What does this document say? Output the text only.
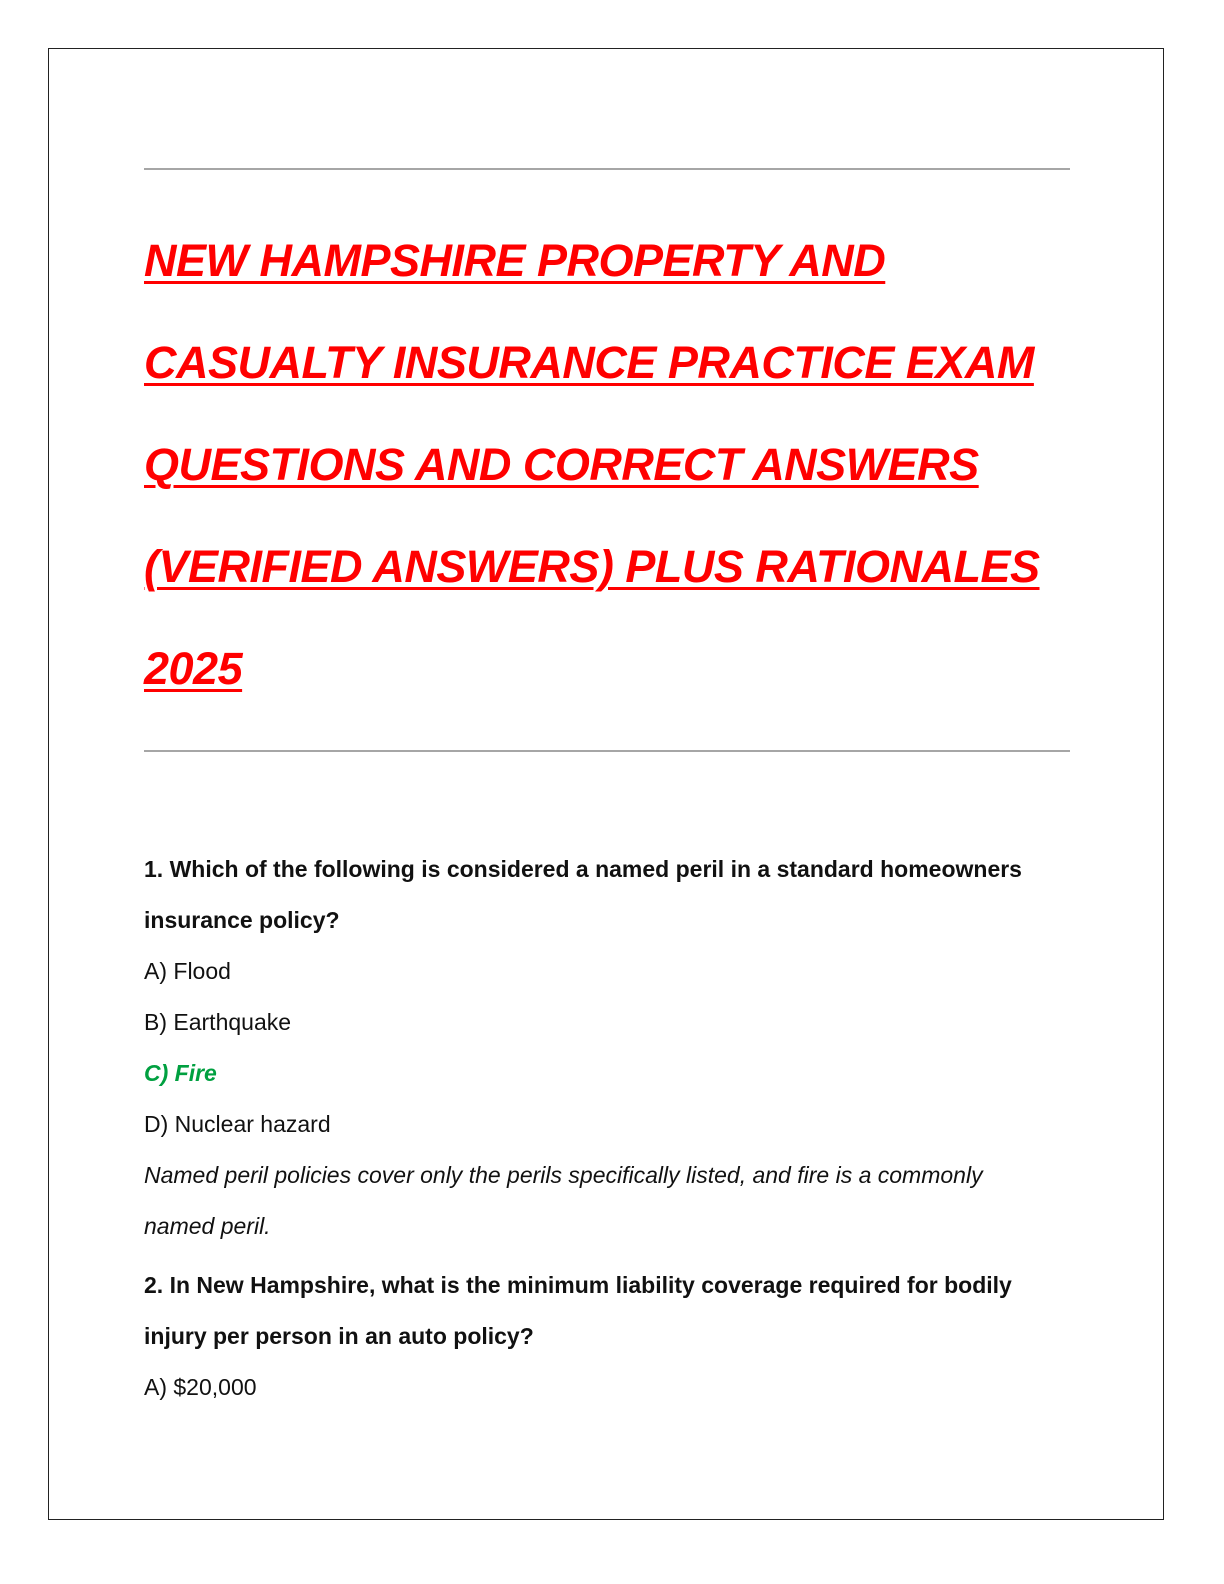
NEW HAMPSHIRE PROPERTY AND
CASUALTY INSURANCE PRACTICE EXAM
QUESTIONS AND CORRECT ANSWERS
(VERIFIED ANSWERS) PLUS RATIONALES
2025

1. Which of the following is considered a named peril in a standard homeowners

insurance policy?

A) Flood

B) Earthquake

C) Fire

D) Nuclear hazard

Named peril policies cover only the perils specifically listed, and fire is a commonly

named peril.

2. In New Hampshire, what is the minimum liability coverage required for bodily

injury per person in an auto policy?

A) $20,000
